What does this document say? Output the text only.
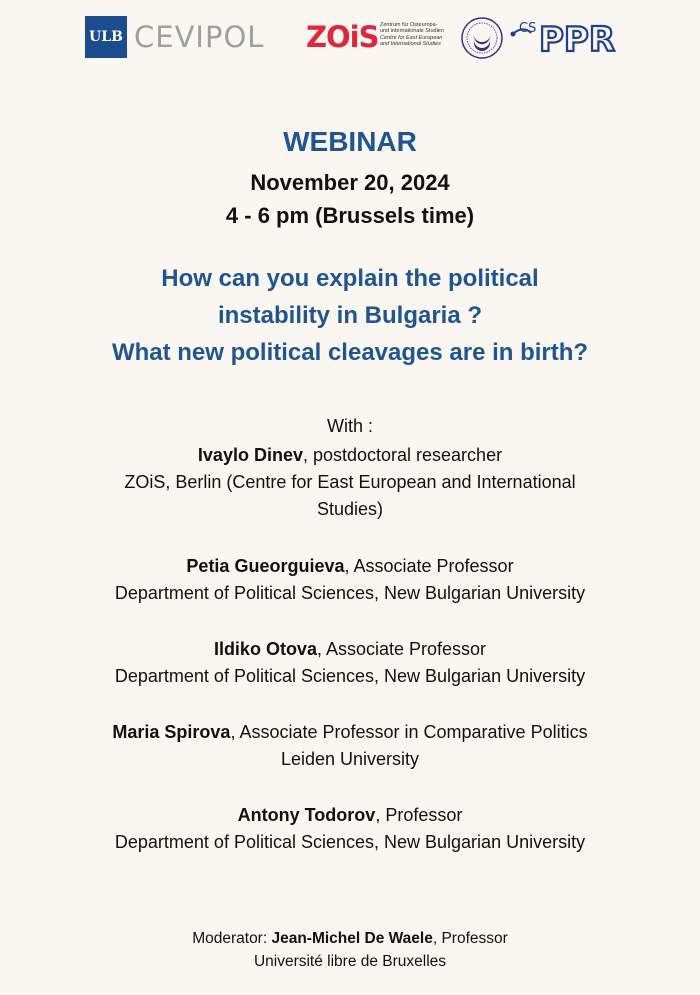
ULB CEVIPOL ZOiS Zentrum für Osteuropa-
und internationale Studien
Centre for East European
and International Studies
CS PPR
WEBINAR
November 20, 2024
4 - 6 pm (Brussels time)
How can you explain the political
instability in Bulgaria ?
What new political cleavages are in birth?
With :
Ivaylo Dinev, postdoctoral researcher
ZOiS, Berlin (Centre for East European and International
Studies)
Petia Gueorguieva, Associate Professor
Department of Political Sciences, New Bulgarian University
Ildiko Otova, Associate Professor
Department of Political Sciences, New Bulgarian University
Maria Spirova, Associate Professor in Comparative Politics
Leiden University
Antony Todorov, Professor
Department of Political Sciences, New Bulgarian University
Moderator: Jean-Michel De Waele, Professor
Université libre de Bruxelles
